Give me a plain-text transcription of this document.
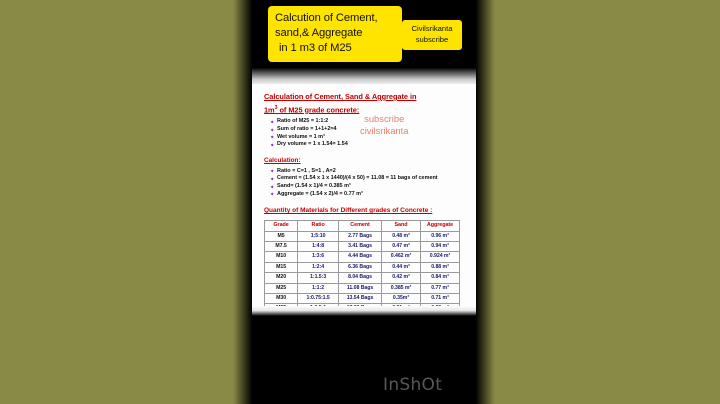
Calcution of Cement,
sand,& Aggregate
in 1 m3 of M25
Civilsrikanta
subscribe
Calculation of Cement, Sand & Aggregate in
$1m^3$ of M25 grade concrete:
Ratio of M25 = 1:1:2
Sum of ratio = 1+1+2=4
Wet volume = 1 m³
Dry volume = 1 x 1.54= 1.54
Calculation:
Ratio = C=1 , S=1 , A=2
Cement = (1.54 x 1 x 1440)/(4 x 50) = 11.08 = 11 bags of cement
Sand= (1.54 x 1)/4 = 0.385 m³
Aggregate = (1.54 x 2)/4 = 0.77 m³
Quantity of Materials for Different grades of Concrete :
Grade	Ratio	Cement	Sand	Aggregate
M5	1:5:10	2.77 Bags	0.48 m³	0.96 m³
M7.5	1:4:8	3.41 Bags	0.47 m³	0.94 m³
M10	1:3:6	4.44 Bags	0.462 m³	0.924 m³
M15	1:2:4	6.36 Bags	0.44 m³	0.88 m³
M20	1:1.5:3	8.04 Bags	0.42 m³	0.84 m³
M25	1:1:2	11.08 Bags	0.385 m³	0.77 m³
M30	1:0.75:1.5	13.54 Bags	0.35m³	0.71 m³

subscribe
civilsrikanta
InShOt
